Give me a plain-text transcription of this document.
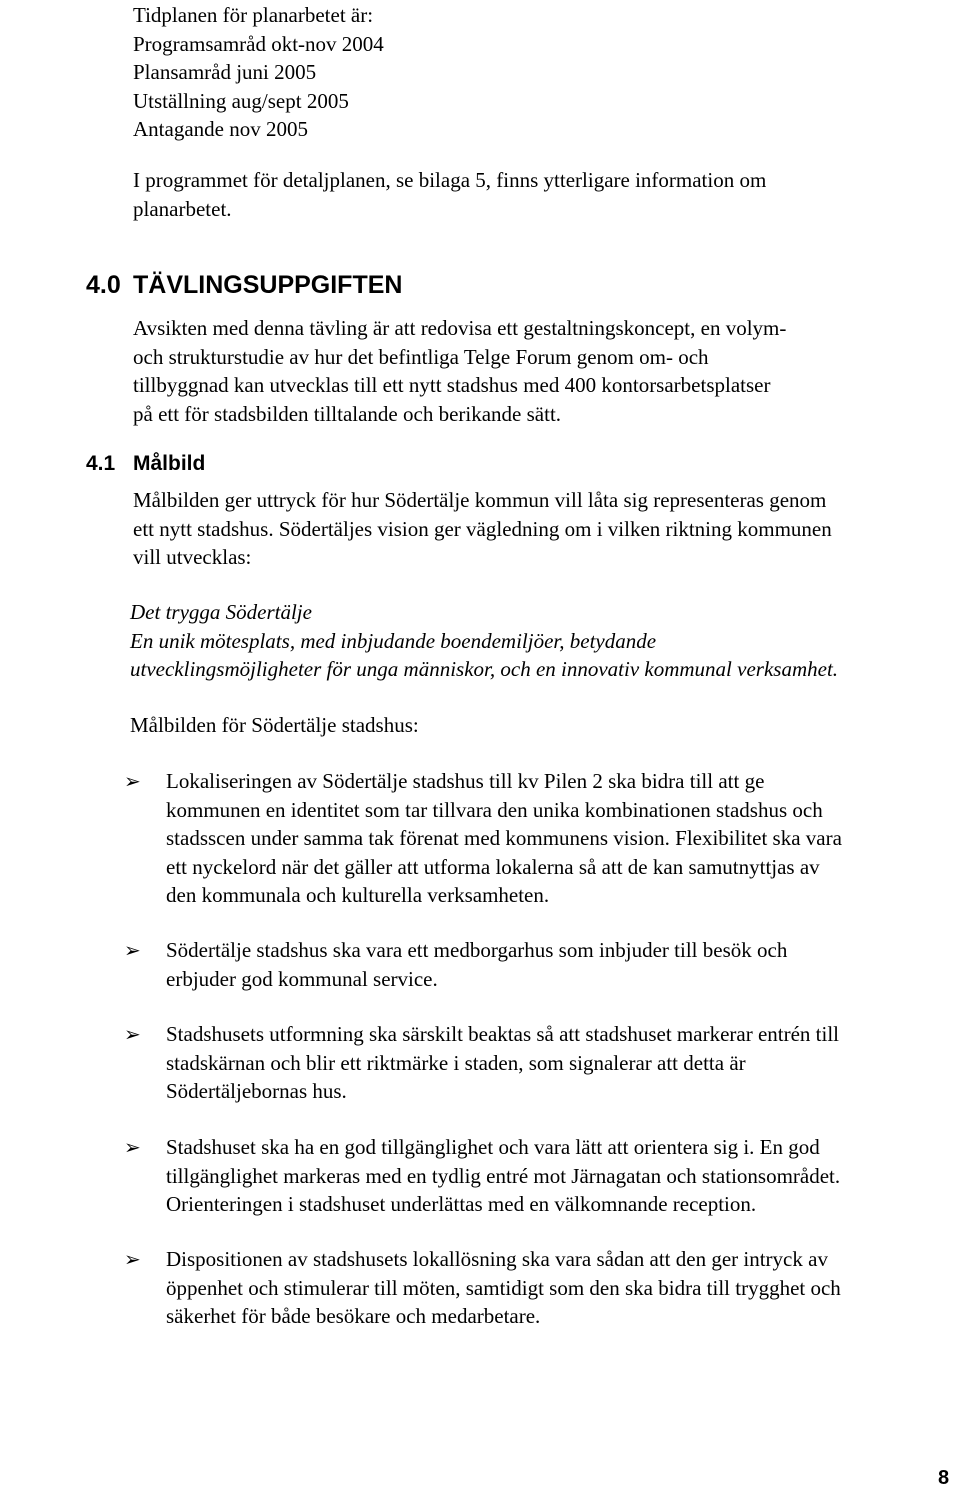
Tidplanen för planarbetet är:
Programsamråd okt-nov 2004
Plansamråd juni 2005
Utställning aug/sept 2005
Antagande nov 2005
I programmet för detaljplanen, se bilaga 5, finns ytterligare information om
planarbetet.
4.0 TÄVLINGSUPPGIFTEN
Avsikten med denna tävling är att redovisa ett gestaltningskoncept, en volym-
och strukturstudie av hur det befintliga Telge Forum genom om- och
tillbyggnad kan utvecklas till ett nytt stadshus med 400 kontorsarbetsplatser
på ett för stadsbilden tilltalande och berikande sätt.
4.1 Målbild
Målbilden ger uttryck för hur Södertälje kommun vill låta sig representeras genom
ett nytt stadshus. Södertäljes vision ger vägledning om i vilken riktning kommunen
vill utvecklas:
Det trygga Södertälje
En unik mötesplats, med inbjudande boendemiljöer, betydande
utvecklingsmöjligheter för unga människor, och en innovativ kommunal verksamhet.
Målbilden för Södertälje stadshus:
➢ Lokaliseringen av Södertälje stadshus till kv Pilen 2 ska bidra till att ge
kommunen en identitet som tar tillvara den unika kombinationen stadshus och
stadsscen under samma tak förenat med kommunens vision. Flexibilitet ska vara
ett nyckelord när det gäller att utforma lokalerna så att de kan samutnyttjas av
den kommunala och kulturella verksamheten.
➢ Södertälje stadshus ska vara ett medborgarhus som inbjuder till besök och
erbjuder god kommunal service.
➢ Stadshusets utformning ska särskilt beaktas så att stadshuset markerar entrén till
stadskärnan och blir ett riktmärke i staden, som signalerar att detta är
Södertäljebornas hus.
➢ Stadshuset ska ha en god tillgänglighet och vara lätt att orientera sig i. En god
tillgänglighet markeras med en tydlig entré mot Järnagatan och stationsområdet.
Orienteringen i stadshuset underlättas med en välkomnande reception.
➢ Dispositionen av stadshusets lokallösning ska vara sådan att den ger intryck av
öppenhet och stimulerar till möten, samtidigt som den ska bidra till trygghet och
säkerhet för både besökare och medarbetare.
8
